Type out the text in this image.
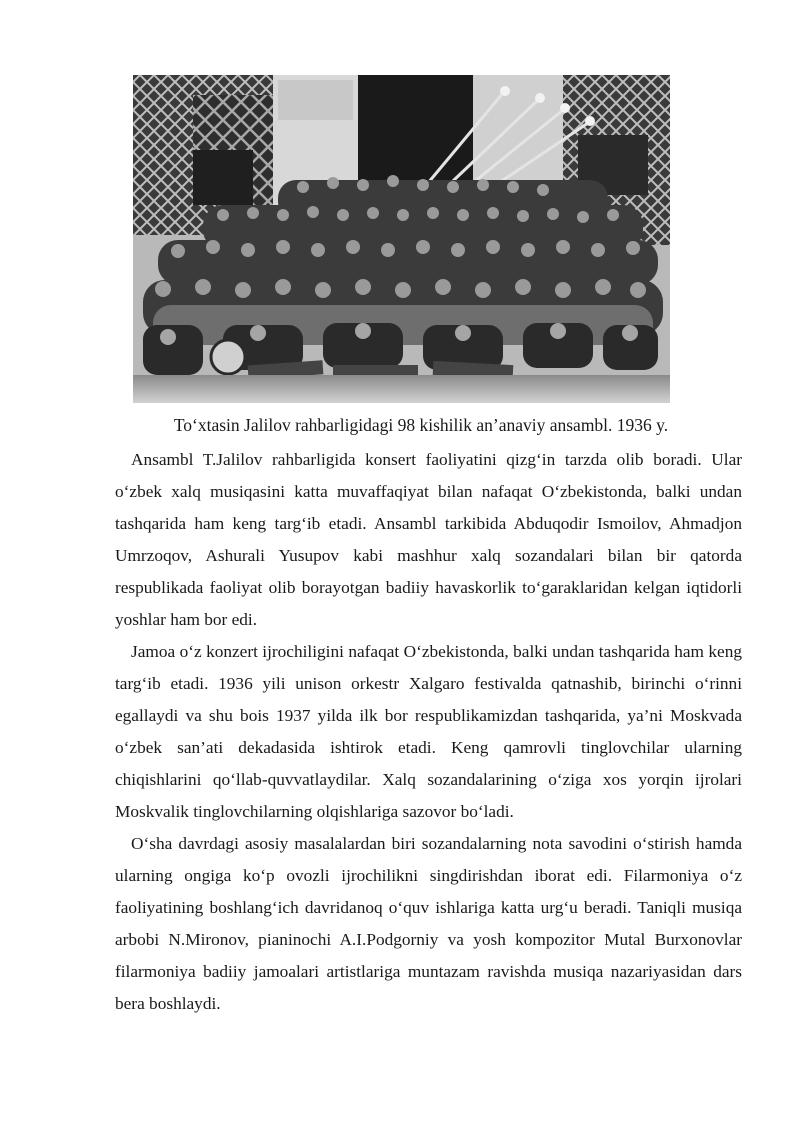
To‘xtasin Jalilov rahbarligidagi 98 kishilik an’anaviy ansambl. 1936 y.

Ansambl T.Jalilov rahbarligida konsert faoliyatini qizg‘in tarzda olib boradi. Ular o‘zbek xalq musiqasini katta muvaffaqiyat bilan nafaqat O‘zbekistonda, balki undan tashqarida ham keng targ‘ib etadi. Ansambl tarkibida Abduqodir Ismoilov, Ahmadjon Umrzoqov, Ashurali Yusupov kabi mashhur xalq sozandalari bilan bir qatorda respublikada faoliyat olib borayotgan badiiy havaskorlik to‘garaklaridan kelgan iqtidorli yoshlar ham bor edi.

Jamoa o‘z konzert ijrochiligini nafaqat O‘zbekistonda, balki undan tashqarida ham keng targ‘ib etadi. 1936 yili unison orkestr Xalgaro festivalda qatnashib, birinchi o‘rinni egallaydi va shu bois 1937 yilda ilk bor respublikamizdan tashqarida, ya’ni Moskvada o‘zbek san’ati dekadasida ishtirok etadi. Keng qamrovli tinglovchilar ularning chiqishlarini qo‘llab-quvvatlaydilar. Xalq sozandalarining o‘ziga xos yorqin ijrolari Moskvalik tinglovchilarning olqishlariga sazovor bo‘ladi.

O‘sha davrdagi asosiy masalalardan biri sozandalarning nota savodini o‘stirish hamda ularning ongiga ko‘p ovozli ijrochilikni singdirishdan iborat edi. Filarmoniya o‘z faoliyatining boshlang‘ich davridanoq o‘quv ishlariga katta urg‘u beradi. Taniqli musiqa arbobi N.Mironov, pianinochi A.I.Podgorniy va yosh kompozitor Mutal Burxonovlar filarmoniya badiiy jamoalari artistlariga muntazam ravishda musiqa nazariyasidan dars bera boshlaydi.
